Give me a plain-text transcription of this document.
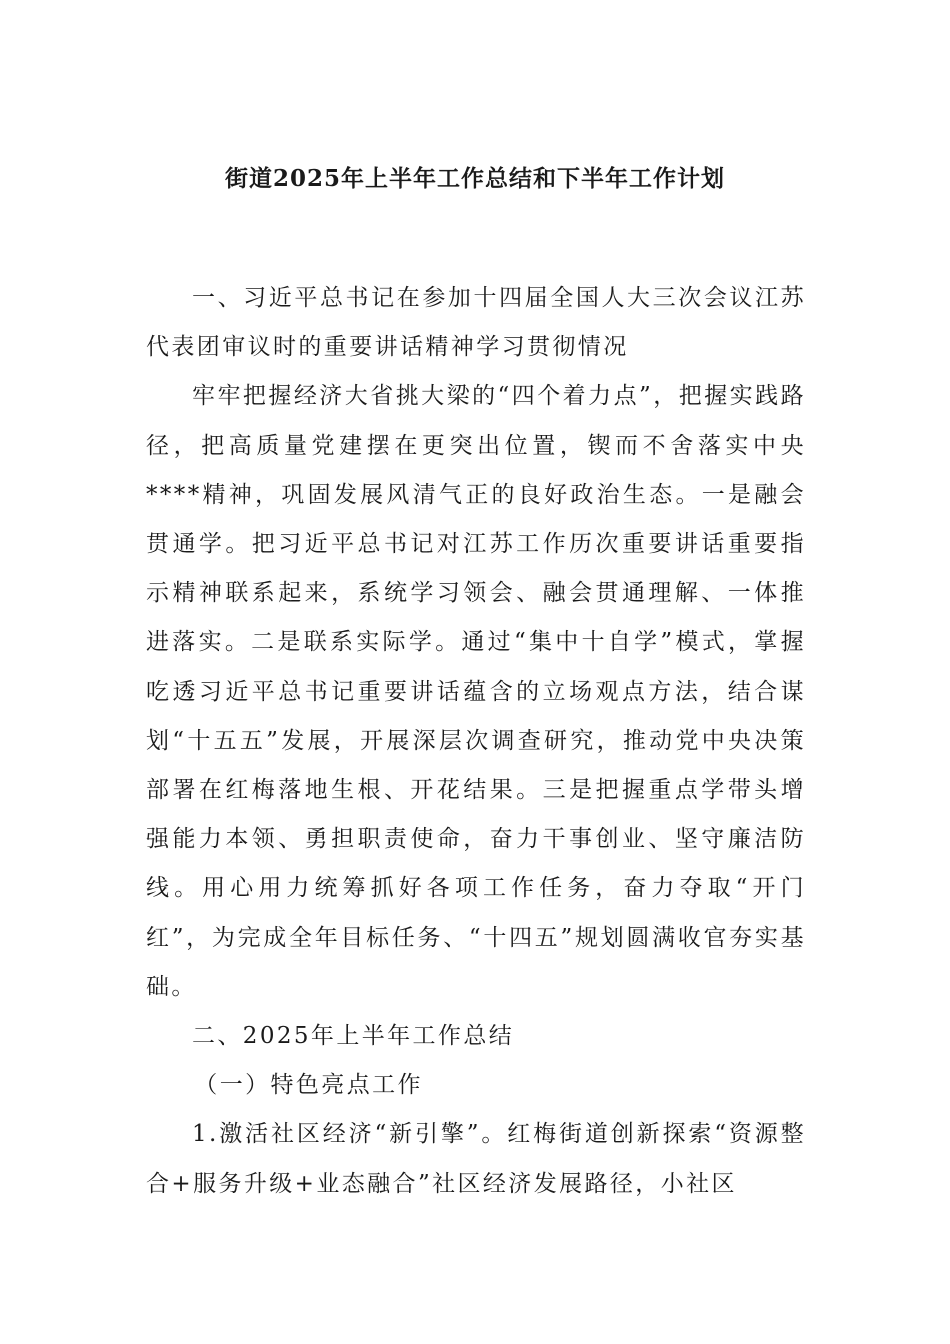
街道2025年上半年工作总结和下半年工作计划

一、习近平总书记在参加十四届全国人大三次会议江苏代表团审议时的重要讲话精神学习贯彻情况

牢牢把握经济大省挑大梁的“四个着力点”，把握实践路径，把高质量党建摆在更突出位置，锲而不舍落实中央****精神，巩固发展风清气正的良好政治生态。一是融会贯通学。把习近平总书记对江苏工作历次重要讲话重要指示精神联系起来，系统学习领会、融会贯通理解、一体推进落实。二是联系实际学。通过“集中十自学”模式，掌握吃透习近平总书记重要讲话蕴含的立场观点方法，结合谋划“十五五”发展，开展深层次调查研究，推动党中央决策部署在红梅落地生根、开花结果。三是把握重点学带头增强能力本领、勇担职责使命，奋力干事创业、坚守廉洁防线。用心用力统筹抓好各项工作任务，奋力夺取“开门红”，为完成全年目标任务、“十四五”规划圆满收官夯实基础。

二、2025年上半年工作总结

（一）特色亮点工作

1.激活社区经济“新引擎”。红梅街道创新探索“资源整合+服务升级+业态融合”社区经济发展路径，小社区
